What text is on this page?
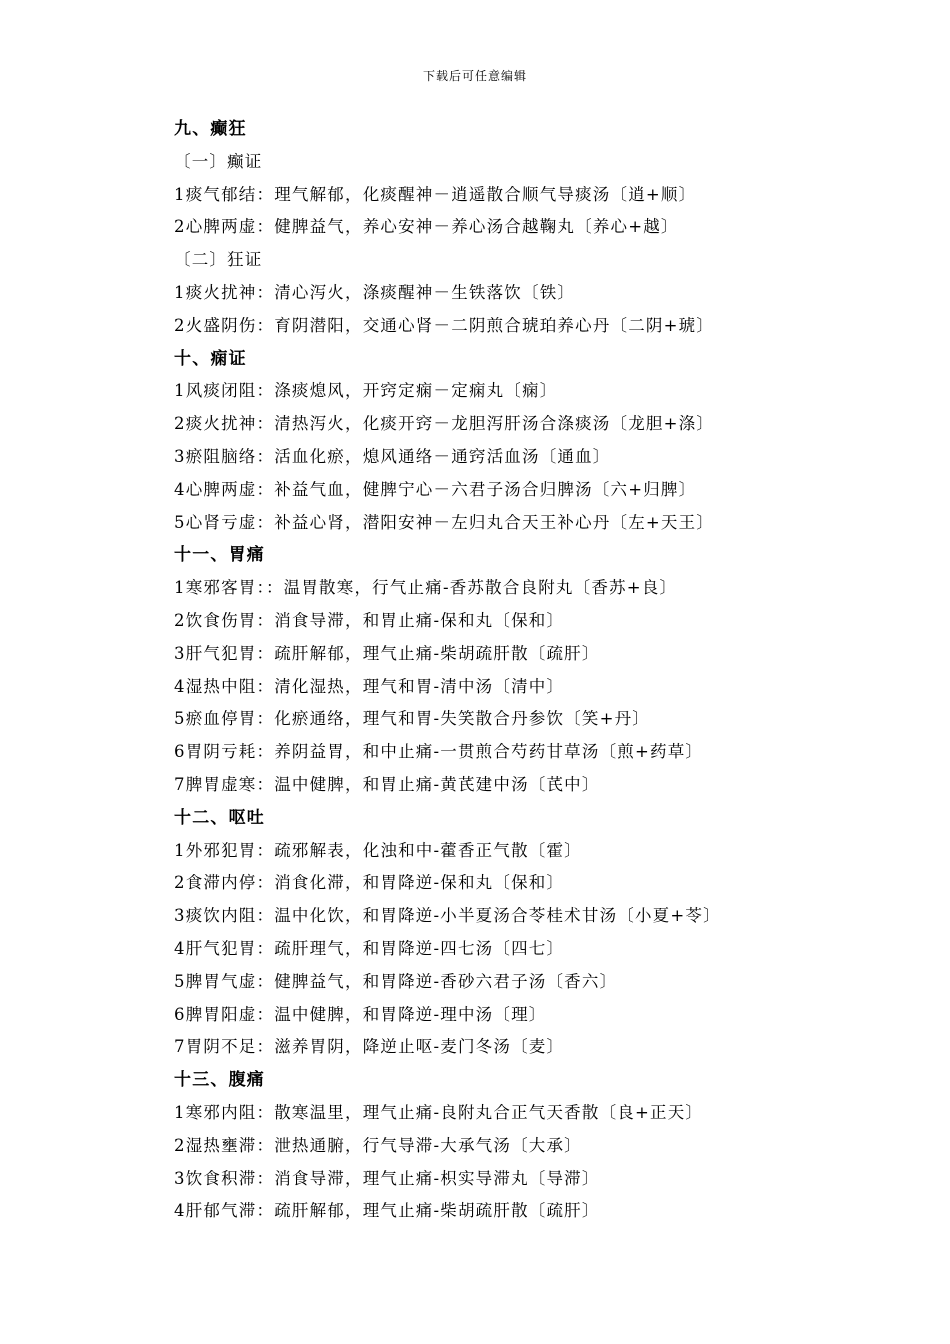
下载后可任意编辑
九、癫狂
〔一〕癫证
1痰气郁结：理气解郁，化痰醒神－逍遥散合顺气导痰汤〔逍+顺〕
2心脾两虚：健脾益气，养心安神－养心汤合越鞠丸〔养心+越〕
〔二〕狂证
1痰火扰神：清心泻火，涤痰醒神－生铁落饮〔铁〕
2火盛阴伤：育阴潜阳，交通心肾－二阴煎合琥珀养心丹〔二阴+琥〕
十、痫证
1风痰闭阻：涤痰熄风，开窍定痫－定痫丸〔痫〕
2痰火扰神：清热泻火，化痰开窍－龙胆泻肝汤合涤痰汤〔龙胆+涤〕
3瘀阻脑络：活血化瘀，熄风通络－通窍活血汤〔通血〕
4心脾两虚：补益气血，健脾宁心－六君子汤合归脾汤〔六+归脾〕
5心肾亏虚：补益心肾，潜阳安神－左归丸合天王补心丹〔左+天王〕
十一、胃痛
1寒邪客胃：：温胃散寒，行气止痛-香苏散合良附丸〔香苏+良〕
2饮食伤胃：消食导滞，和胃止痛-保和丸〔保和〕
3肝气犯胃：疏肝解郁，理气止痛-柴胡疏肝散〔疏肝〕
4湿热中阻：清化湿热，理气和胃-清中汤〔清中〕
5瘀血停胃：化瘀通络，理气和胃-失笑散合丹参饮〔笑+丹〕
6胃阴亏耗：养阴益胃，和中止痛-一贯煎合芍药甘草汤〔煎+药草〕
7脾胃虚寒：温中健脾，和胃止痛-黄芪建中汤〔芪中〕
十二、呕吐
1外邪犯胃：疏邪解表，化浊和中-藿香正气散〔霍〕
2食滞内停：消食化滞，和胃降逆-保和丸〔保和〕
3痰饮内阻：温中化饮，和胃降逆-小半夏汤合苓桂术甘汤〔小夏+苓〕
4肝气犯胃：疏肝理气，和胃降逆-四七汤〔四七〕
5脾胃气虚：健脾益气，和胃降逆-香砂六君子汤〔香六〕
6脾胃阳虚：温中健脾，和胃降逆-理中汤〔理〕
7胃阴不足：滋养胃阴，降逆止呕-麦门冬汤〔麦〕
十三、腹痛
1寒邪内阻：散寒温里，理气止痛-良附丸合正气天香散〔良+正天〕
2湿热壅滞：泄热通腑，行气导滞-大承气汤〔大承〕
3饮食积滞：消食导滞，理气止痛-枳实导滞丸〔导滞〕
4肝郁气滞：疏肝解郁，理气止痛-柴胡疏肝散〔疏肝〕
